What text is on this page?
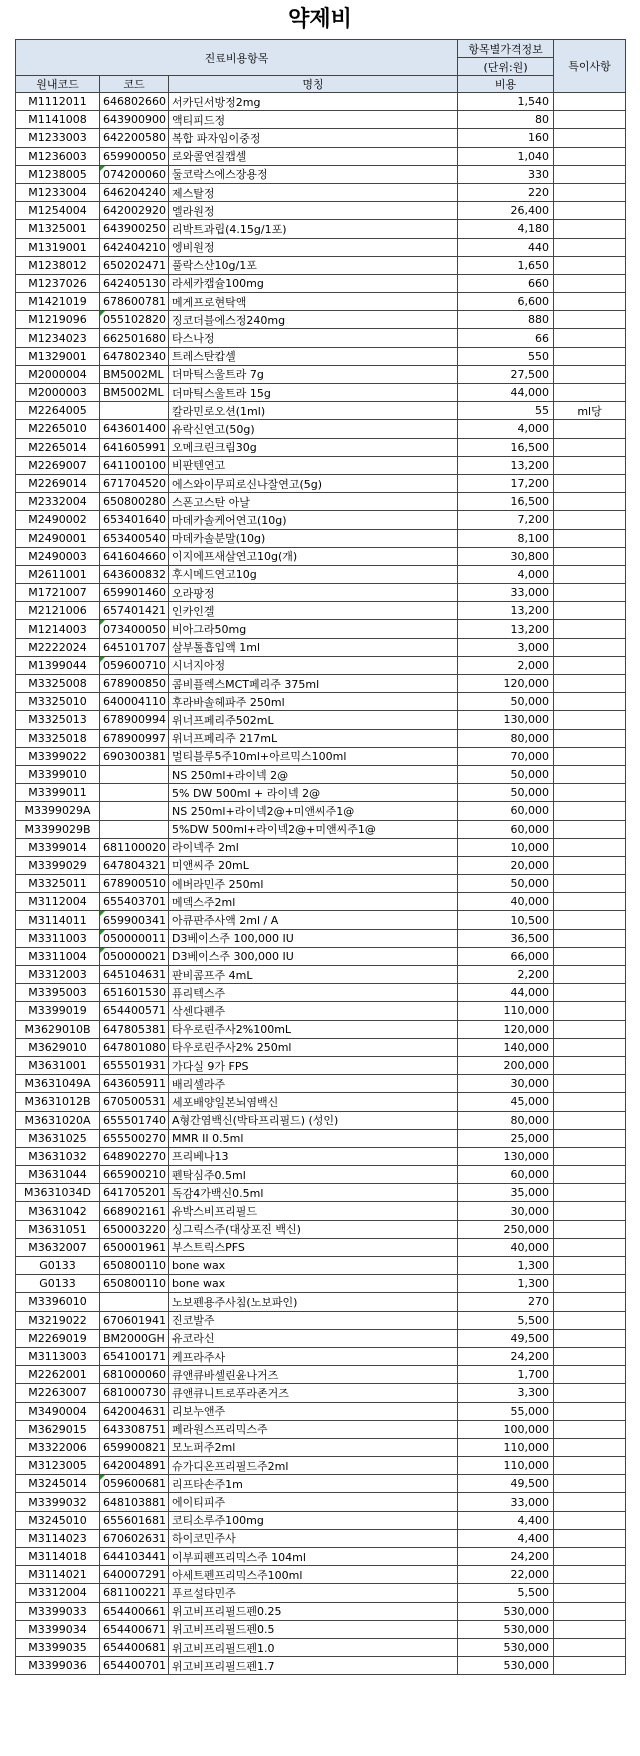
약제비
진료비용항목			항목별가격정보	특이사항
			(단위:원)	
원내코드	코드	명칭	비용	
M1112011	646802660	서카딘서방정2mg	1,540	
M1141008	643900900	액티피드정	80	
M1233003	642200580	복합 파자임이중정	160	
M1236003	659900050	로와콜연질캡셀	1,040	
M1238005	074200060	둘코락스에스장용정	330	
M1233004	646204240	제스탈정	220	
M1254004	642002920	엘라원정	26,400	
M1325001	643900250	리박트과립(4.15g/1포)	4,180	
M1319001	642404210	엥비원정	440	
M1238012	650202471	풀락스산10g/1포	1,650	
M1237026	642405130	라세카캡슐100mg	660	
M1421019	678600781	메게프로현탁액	6,600	
M1219096	055102820	징코더블에스정240mg	880	
M1234023	662501680	타스나정	66	
M1329001	647802340	트레스탄캅셀	550	
M2000004	BM5002ML	더마틱스울트라 7g	27,500	
M2000003	BM5002ML	더마틱스울트라 15g	44,000	
M2264005		칼라민로오션(1ml)	55	ml당
M2265010	643601400	유락신연고(50g)	4,000	
M2265014	641605991	오메크린크림30g	16,500	
M2269007	641100100	비판텐연고	13,200	
M2269014	671704520	에스와이무피로신나잘연고(5g)	17,200	
M2332004	650800280	스폰고스탄 아날	16,500	
M2490002	653401640	마데카솔케어연고(10g)	7,200	
M2490001	653400540	마데카솔분말(10g)	8,100	
M2490003	641604660	이지에프새살연고10g(개)	30,800	
M2611001	643600832	후시메드연고10g	4,000	
M1721007	659901460	오라팡정	33,000	
M2121006	657401421	인카인겔	13,200	
M1214003	073400050	비아그라50mg	13,200	
M2222024	645101707	살부톨흡입액 1ml	3,000	
M1399044	059600710	시너지아정	2,000	
M3325008	678900850	콤비플렉스MCT페리주 375ml	120,000	
M3325010	640004110	후라바솔헤파주 250ml	50,000	
M3325013	678900994	위너프페리주502mL	130,000	
M3325018	678900997	위너프페리주 217mL	80,000	
M3399022	690300381	멀티블루5주10ml+아르믹스100ml	70,000	
M3399010		NS 250ml+라이넥 2@	50,000	
M3399011		5% DW 500ml + 라이넥 2@	50,000	
M3399029A		NS 250ml+라이넥2@+미앤씨주1@	60,000	
M3399029B		5%DW 500ml+라이넥2@+미앤씨주1@	60,000	
M3399014	681100020	라이넥주 2ml	10,000	
M3399029	647804321	미앤씨주 20mL	20,000	
M3325011	678900510	에버라민주 250ml	50,000	
M3112004	655403701	메덱스주2ml	40,000	
M3114011	659900341	아큐판주사액 2ml / A	10,500	
M3311003	050000011	D3베이스주 100,000 IU	36,500	
M3311004	050000021	D3베이스주 300,000 IU	66,000	
M3312003	645104631	판비콤프주 4mL	2,200	
M3395003	651601530	퓨리텍스주	44,000	
M3399019	654400571	삭센다펜주	110,000	
M3629010B	647805381	타우로린주사2%100mL	120,000	
M3629010	647801080	타우로린주사2% 250ml	140,000	
M3631001	655501931	가다실 9가 FPS	200,000	
M3631049A	643605911	배리셀라주	30,000	
M3631012B	670500531	세포배양일본뇌염백신	45,000	
M3631020A	655501740	A형간염백신(박타프리필드) (성인)	80,000	
M3631025	655500270	MMR II 0.5ml	25,000	
M3631032	648902270	프리베나13	130,000	
M3631044	665900210	펜탁심주0.5ml	60,000	
M3631034D	641705201	독감4가백신0.5ml	35,000	
M3631042	668902161	유박스비프리필드	30,000	
M3631051	650003220	싱그릭스주(대상포진 백신)	250,000	
M3632007	650001961	부스트릭스PFS	40,000	
G0133	650800110	bone wax	1,300	
G0133	650800110	bone wax	1,300	
M3396010		노보펜용주사침(노보파인)	270	
M3219022	670601941	진코발주	5,500	
M2269019	BM2000GH	유코라신	49,500	
M3113003	654100171	케프라주사	24,200	
M2262001	681000060	큐앤큐바셀린윤나거즈	1,700	
M2263007	681000730	큐앤큐니트로푸라존거즈	3,300	
M3490004	642004631	리보누앤주	55,000	
M3629015	643308751	페라원스프리믹스주	100,000	
M3322006	659900821	모노퍼주2ml	110,000	
M3123005	642004891	슈가디온프리필드주2ml	110,000	
M3245014	059600681	리프타손주1m	49,500	
M3399032	648103881	에이티피주	33,000	
M3245010	655601681	코티소루주100mg	4,400	
M3114023	670602631	하이코민주사	4,400	
M3114018	644103441	이부피펜프리믹스주 104ml	24,200	
M3114021	640007291	아세트펜프리믹스주100ml	22,000	
M3312004	681100221	푸르설타민주	5,500	
M3399033	654400661	위고비프리필드펜0.25	530,000	
M3399034	654400671	위고비프리필드펜0.5	530,000	
M3399035	654400681	위고비프리필드펜1.0	530,000	
M3399036	654400701	위고비프리필드펜1.7	530,000	
